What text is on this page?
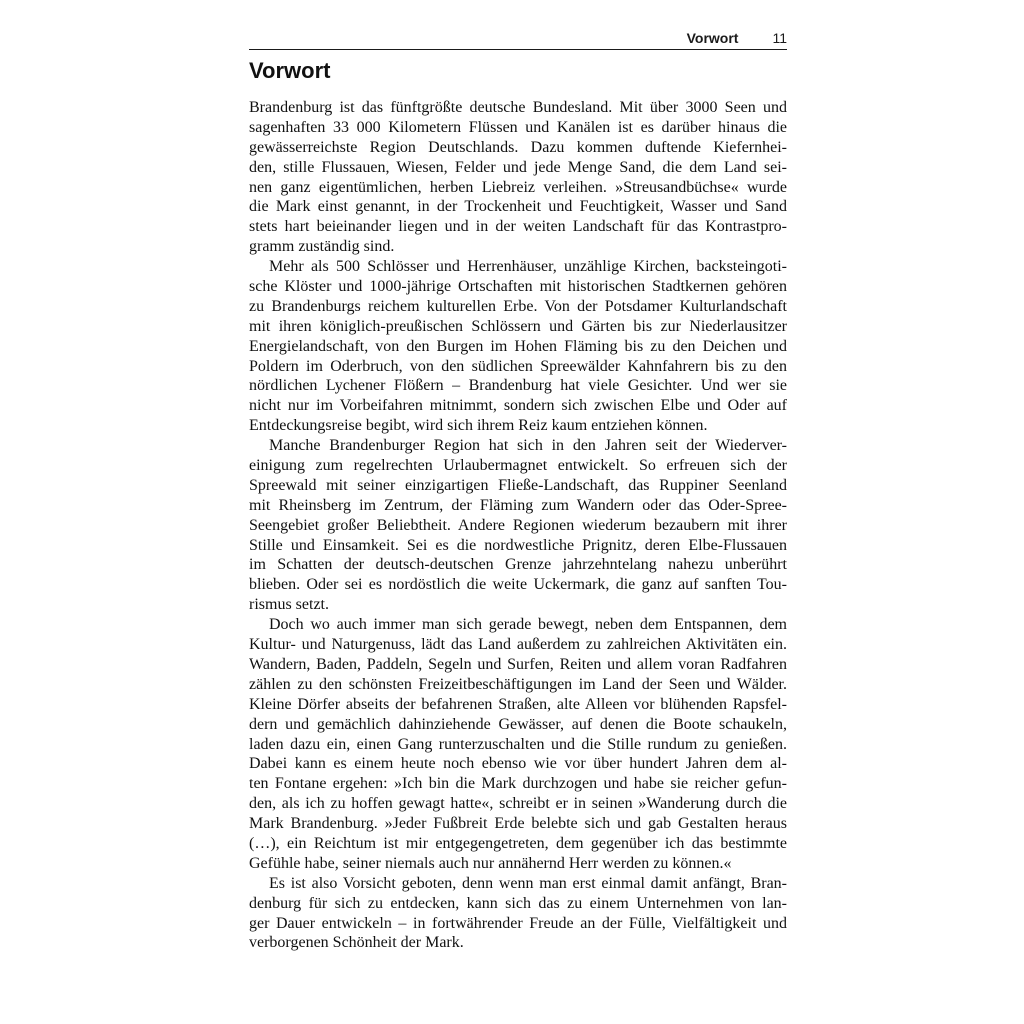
Vorwort 11
Vorwort
Brandenburg ist das fünftgrößte deutsche Bundesland. Mit über 3000 Seen und
sagenhaften 33 000 Kilometern Flüssen und Kanälen ist es darüber hinaus die
gewässerreichste Region Deutschlands. Dazu kommen duftende Kiefernhei-
den, stille Flussauen, Wiesen, Felder und jede Menge Sand, die dem Land sei-
nen ganz eigentümlichen, herben Liebreiz verleihen. »Streusandbüchse« wurde
die Mark einst genannt, in der Trockenheit und Feuchtigkeit, Wasser und Sand
stets hart beieinander liegen und in der weiten Landschaft für das Kontrastpro-
gramm zuständig sind.
Mehr als 500 Schlösser und Herrenhäuser, unzählige Kirchen, backsteingoti-
sche Klöster und 1000-jährige Ortschaften mit historischen Stadtkernen gehören
zu Brandenburgs reichem kulturellen Erbe. Von der Potsdamer Kulturlandschaft
mit ihren königlich-preußischen Schlössern und Gärten bis zur Niederlausitzer
Energielandschaft, von den Burgen im Hohen Fläming bis zu den Deichen und
Poldern im Oderbruch, von den südlichen Spreewälder Kahnfahrern bis zu den
nördlichen Lychener Flößern – Brandenburg hat viele Gesichter. Und wer sie
nicht nur im Vorbeifahren mitnimmt, sondern sich zwischen Elbe und Oder auf
Entdeckungsreise begibt, wird sich ihrem Reiz kaum entziehen können.
Manche Brandenburger Region hat sich in den Jahren seit der Wiederver-
einigung zum regelrechten Urlaubermagnet entwickelt. So erfreuen sich der
Spreewald mit seiner einzigartigen Fließe-Landschaft, das Ruppiner Seenland
mit Rheinsberg im Zentrum, der Fläming zum Wandern oder das Oder-Spree-
Seengebiet großer Beliebtheit. Andere Regionen wiederum bezaubern mit ihrer
Stille und Einsamkeit. Sei es die nordwestliche Prignitz, deren Elbe-Flussauen
im Schatten der deutsch-deutschen Grenze jahrzehntelang nahezu unberührt
blieben. Oder sei es nordöstlich die weite Uckermark, die ganz auf sanften Tou-
rismus setzt.
Doch wo auch immer man sich gerade bewegt, neben dem Entspannen, dem
Kultur- und Naturgenuss, lädt das Land außerdem zu zahlreichen Aktivitäten ein.
Wandern, Baden, Paddeln, Segeln und Surfen, Reiten und allem voran Radfahren
zählen zu den schönsten Freizeitbeschäftigungen im Land der Seen und Wälder.
Kleine Dörfer abseits der befahrenen Straßen, alte Alleen vor blühenden Rapsfel-
dern und gemächlich dahinziehende Gewässer, auf denen die Boote schaukeln,
laden dazu ein, einen Gang runterzuschalten und die Stille rundum zu genießen.
Dabei kann es einem heute noch ebenso wie vor über hundert Jahren dem al-
ten Fontane ergehen: »Ich bin die Mark durchzogen und habe sie reicher gefun-
den, als ich zu hoffen gewagt hatte«, schreibt er in seinen »Wanderung durch die
Mark Brandenburg. »Jeder Fußbreit Erde belebte sich und gab Gestalten heraus
(…), ein Reichtum ist mir entgegengetreten, dem gegenüber ich das bestimmte
Gefühle habe, seiner niemals auch nur annähernd Herr werden zu können.«
Es ist also Vorsicht geboten, denn wenn man erst einmal damit anfängt, Bran-
denburg für sich zu entdecken, kann sich das zu einem Unternehmen von lan-
ger Dauer entwickeln – in fortwährender Freude an der Fülle, Vielfältigkeit und
verborgenen Schönheit der Mark.
